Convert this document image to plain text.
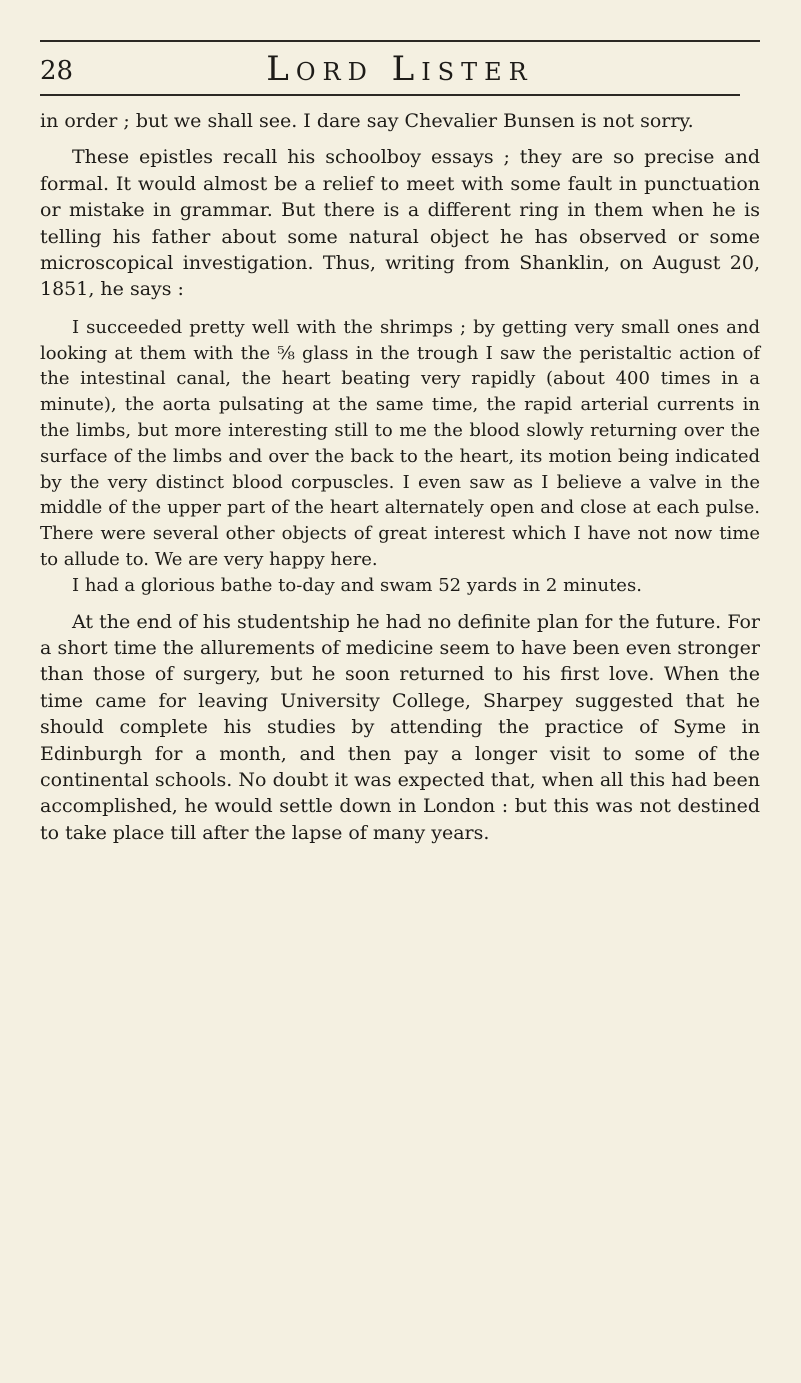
28	Lord Lister

in order ; but we shall see. I dare say Chevalier Bunsen is not sorry.

These epistles recall his schoolboy essays ; they are so precise and formal. It would almost be a relief to meet with some fault in punctuation or mistake in grammar. But there is a different ring in them when he is telling his father about some natural object he has observed or some microscopical investigation. Thus, writing from Shanklin, on August 20, 1851, he says :

I succeeded pretty well with the shrimps ; by getting very small ones and looking at them with the ⅝ glass in the trough I saw the peristaltic action of the intestinal canal, the heart beating very rapidly (about 400 times in a minute), the aorta pulsating at the same time, the rapid arterial currents in the limbs, but more interesting still to me the blood slowly returning over the surface of the limbs and over the back to the heart, its motion being indicated by the very distinct blood corpuscles. I even saw as I believe a valve in the middle of the upper part of the heart alternately open and close at each pulse. There were several other objects of great interest which I have not now time to allude to. We are very happy here.

I had a glorious bathe to-day and swam 52 yards in 2 minutes.

At the end of his studentship he had no definite plan for the future. For a short time the allurements of medicine seem to have been even stronger than those of surgery, but he soon returned to his first love. When the time came for leaving University College, Sharpey suggested that he should complete his studies by attending the practice of Syme in Edinburgh for a month, and then pay a longer visit to some of the continental schools. No doubt it was expected that, when all this had been accomplished, he would settle down in London : but this was not destined to take place till after the lapse of many years.
